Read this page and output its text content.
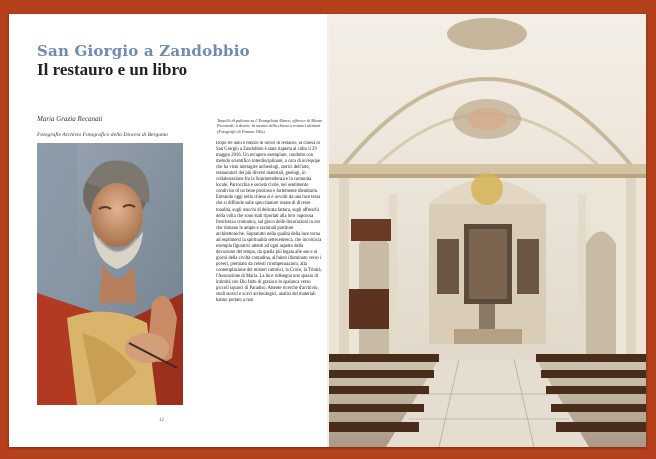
San Giorgio a Zandobbio
Il restauro e un libro
Maria Grazia Recanati
Fotografie Archivio Fotografico della Diocesi di Bergamo
Tassello di pulitura su L'Evangelista Marco, affresco di Mauro Picenardi; a destra: la navata della chiesa a restauri ultimati (Fotografie di Tomaso Villa).
Dopo tre anni e mezzo di lavori di restauro, la chiesa di San Giorgio a Zandobbio è stata riaperta al culto il 29 maggio 2016. Un recupero esemplare, condotto con metodo scientifico interdisciplinare, a cura di un'équipe che ha visto interagire archeologi, storici dell'arte, restauratori dei più diversi materiali, geologi, in collaborazione fra la Soprintendenza e la comunità locale, Parrocchia e società civile, nel sentimento condiviso di un bene prezioso e fortemente identitario. Entrando oggi nella chiesa si è avvolti da una luce tersa che si diffonde sulle specchiature rosate di diverse tonalità, sugli stucchi di delicata fattura, sugli affreschi della volta che sono stati riportati alla loro vaporosa freschezza cromatica, sul gioco delle decorazioni in oro che ritmano le ampie e razionali partiture architettoniche. Sopratutto nella qualità della luce torna ad esprimersi la spiritualità settecentesca, che incornicia exempla figurativi attenti ad ogni aspetto della devozione del tempo, da quella più legata alle sue e ai giorni della civiltà contadina, all'aiuto illuminato verso i poveri, premiato da celesti ricompensazioni, alla contemplazione dei misteri cattolici, la Croce, la Trinità, l'Assunzione di Maria. La luce ridisegna uno spazio di intimità con Dio fatto di grazia e lo spalanca verso piccoli squarci di Paradiso. Attente ricerche d'archivio, studi storici e scavi archeologici, analisi dei materiali hanno portato a non
12
